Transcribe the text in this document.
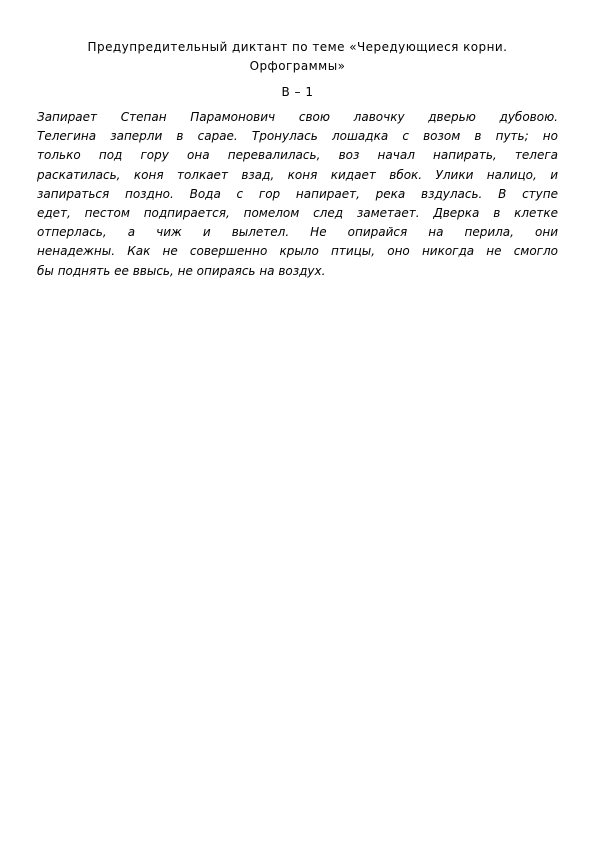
Предупредительный диктант по теме «Чередующиеся корни.
Орфограммы»
В – 1
Запирает Степан Парамонович свою лавочку дверью дубовою.
Телегина заперли в сарае. Тронулась лошадка с возом в путь; но
только под гору она перевалилась, воз начал напирать, телега
раскатилась, коня толкает взад, коня кидает вбок. Улики налицо, и
запираться поздно. Вода с гор напирает, река вздулась. В ступе
едет, пестом подпирается, помелом след заметает. Дверка в клетке
отперлась, а чиж и вылетел. Не опирайся на перила, они
ненадежны. Как не совершенно крыло птицы, оно никогда не смогло
бы поднять ее ввысь, не опираясь на воздух.
